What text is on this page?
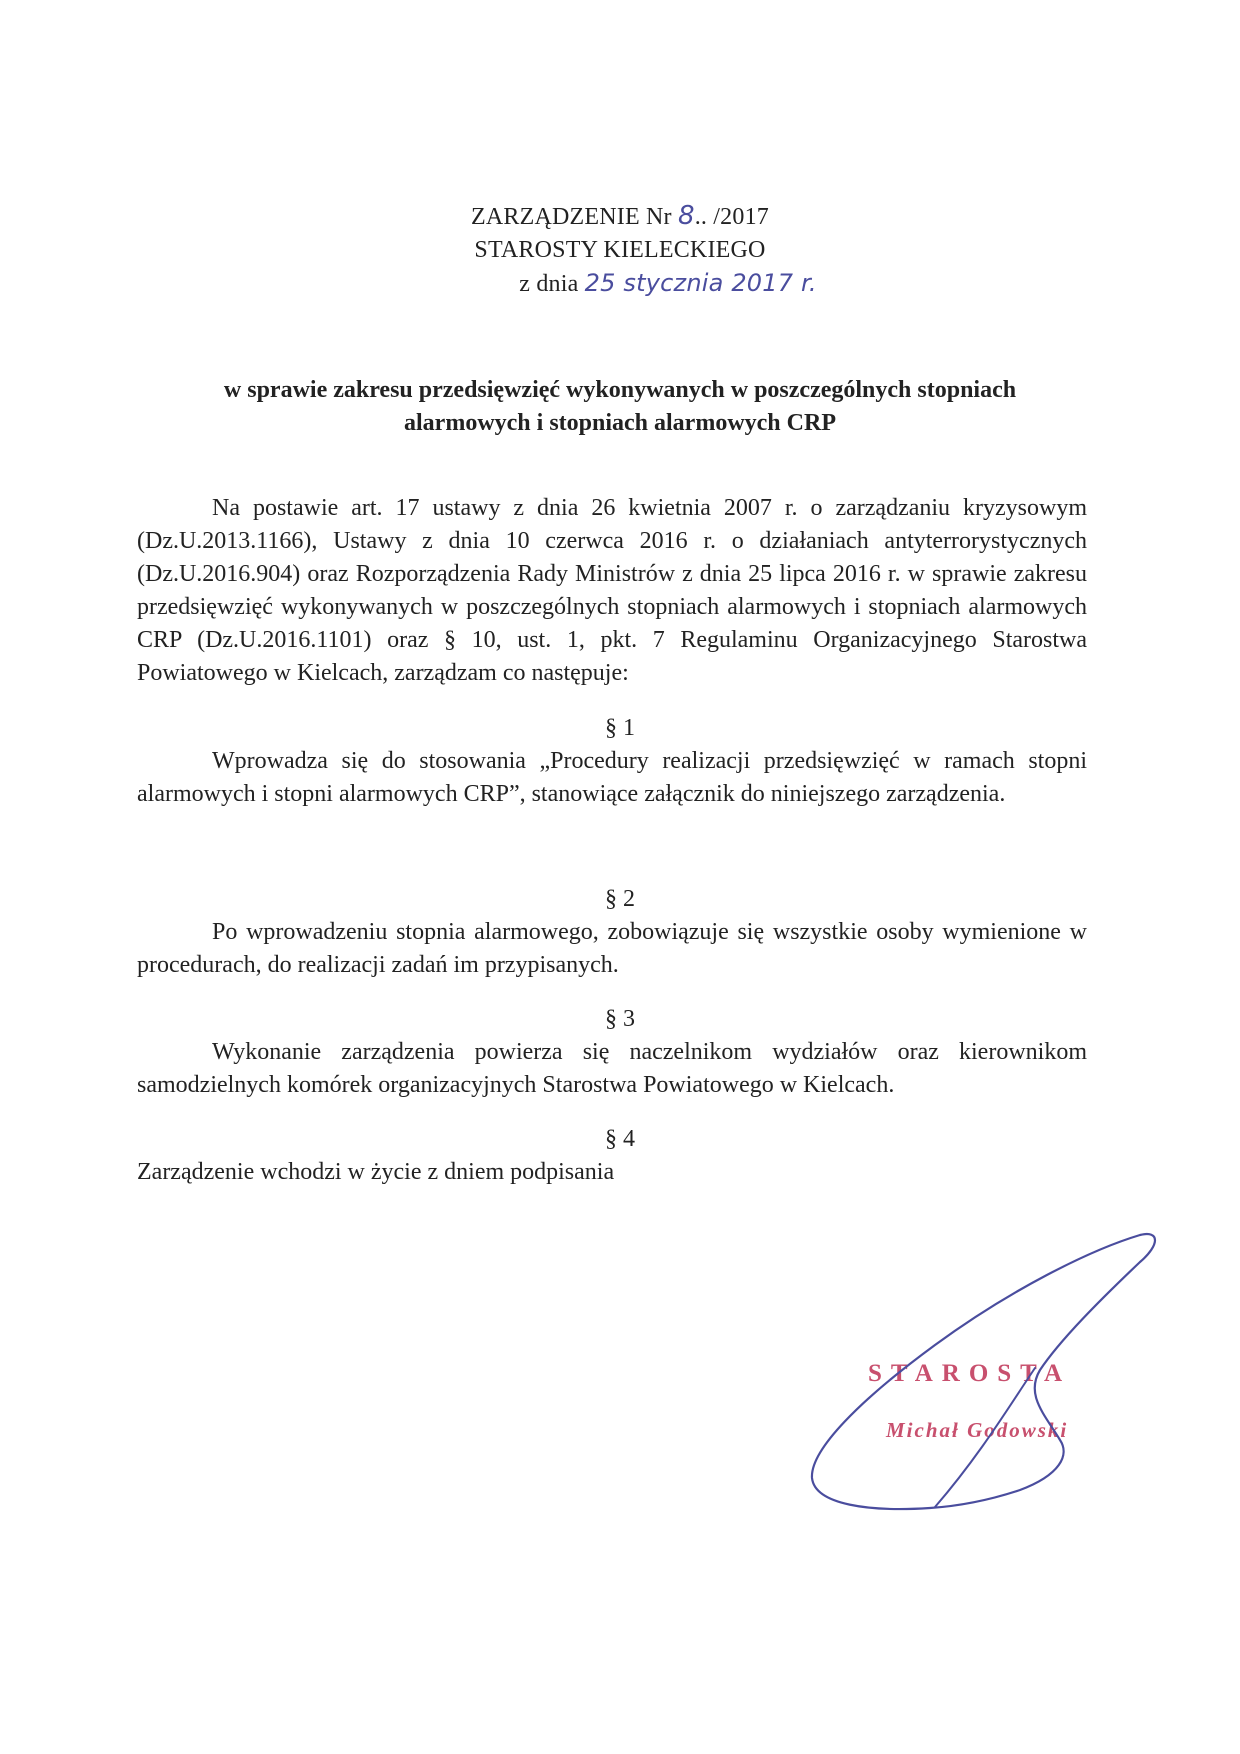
ZARZĄDZENIE Nr 8.. /2017
STAROSTY KIELECKIEGO
z dnia 25 stycznia 2017 r.
w sprawie zakresu przedsięwzięć wykonywanych w poszczególnych stopniach
alarmowych i stopniach alarmowych CRP
Na postawie art. 17 ustawy z dnia 26 kwietnia 2007 r. o zarządzaniu kryzysowym (Dz.U.2013.1166), Ustawy z dnia 10 czerwca 2016 r. o działaniach antyterrorystycznych (Dz.U.2016.904) oraz Rozporządzenia Rady Ministrów z dnia 25 lipca 2016 r. w sprawie zakresu przedsięwzięć wykonywanych w poszczególnych stopniach alarmowych i stopniach alarmowych CRP (Dz.U.2016.1101) oraz § 10, ust. 1, pkt. 7 Regulaminu Organizacyjnego Starostwa Powiatowego w Kielcach, zarządzam co następuje:
§ 1
Wprowadza się do stosowania „Procedury realizacji przedsięwzięć w ramach stopni alarmowych i stopni alarmowych CRP”, stanowiące załącznik do niniejszego zarządzenia.
§ 2
Po wprowadzeniu stopnia alarmowego, zobowiązuje się wszystkie osoby wymienione w procedurach, do realizacji zadań im przypisanych.
§ 3
Wykonanie zarządzenia powierza się naczelnikom wydziałów oraz kierownikom samodzielnych komórek organizacyjnych Starostwa Powiatowego w Kielcach.
§ 4
Zarządzenie wchodzi w życie z dniem podpisania
STAROSTA
Michał Godowski
